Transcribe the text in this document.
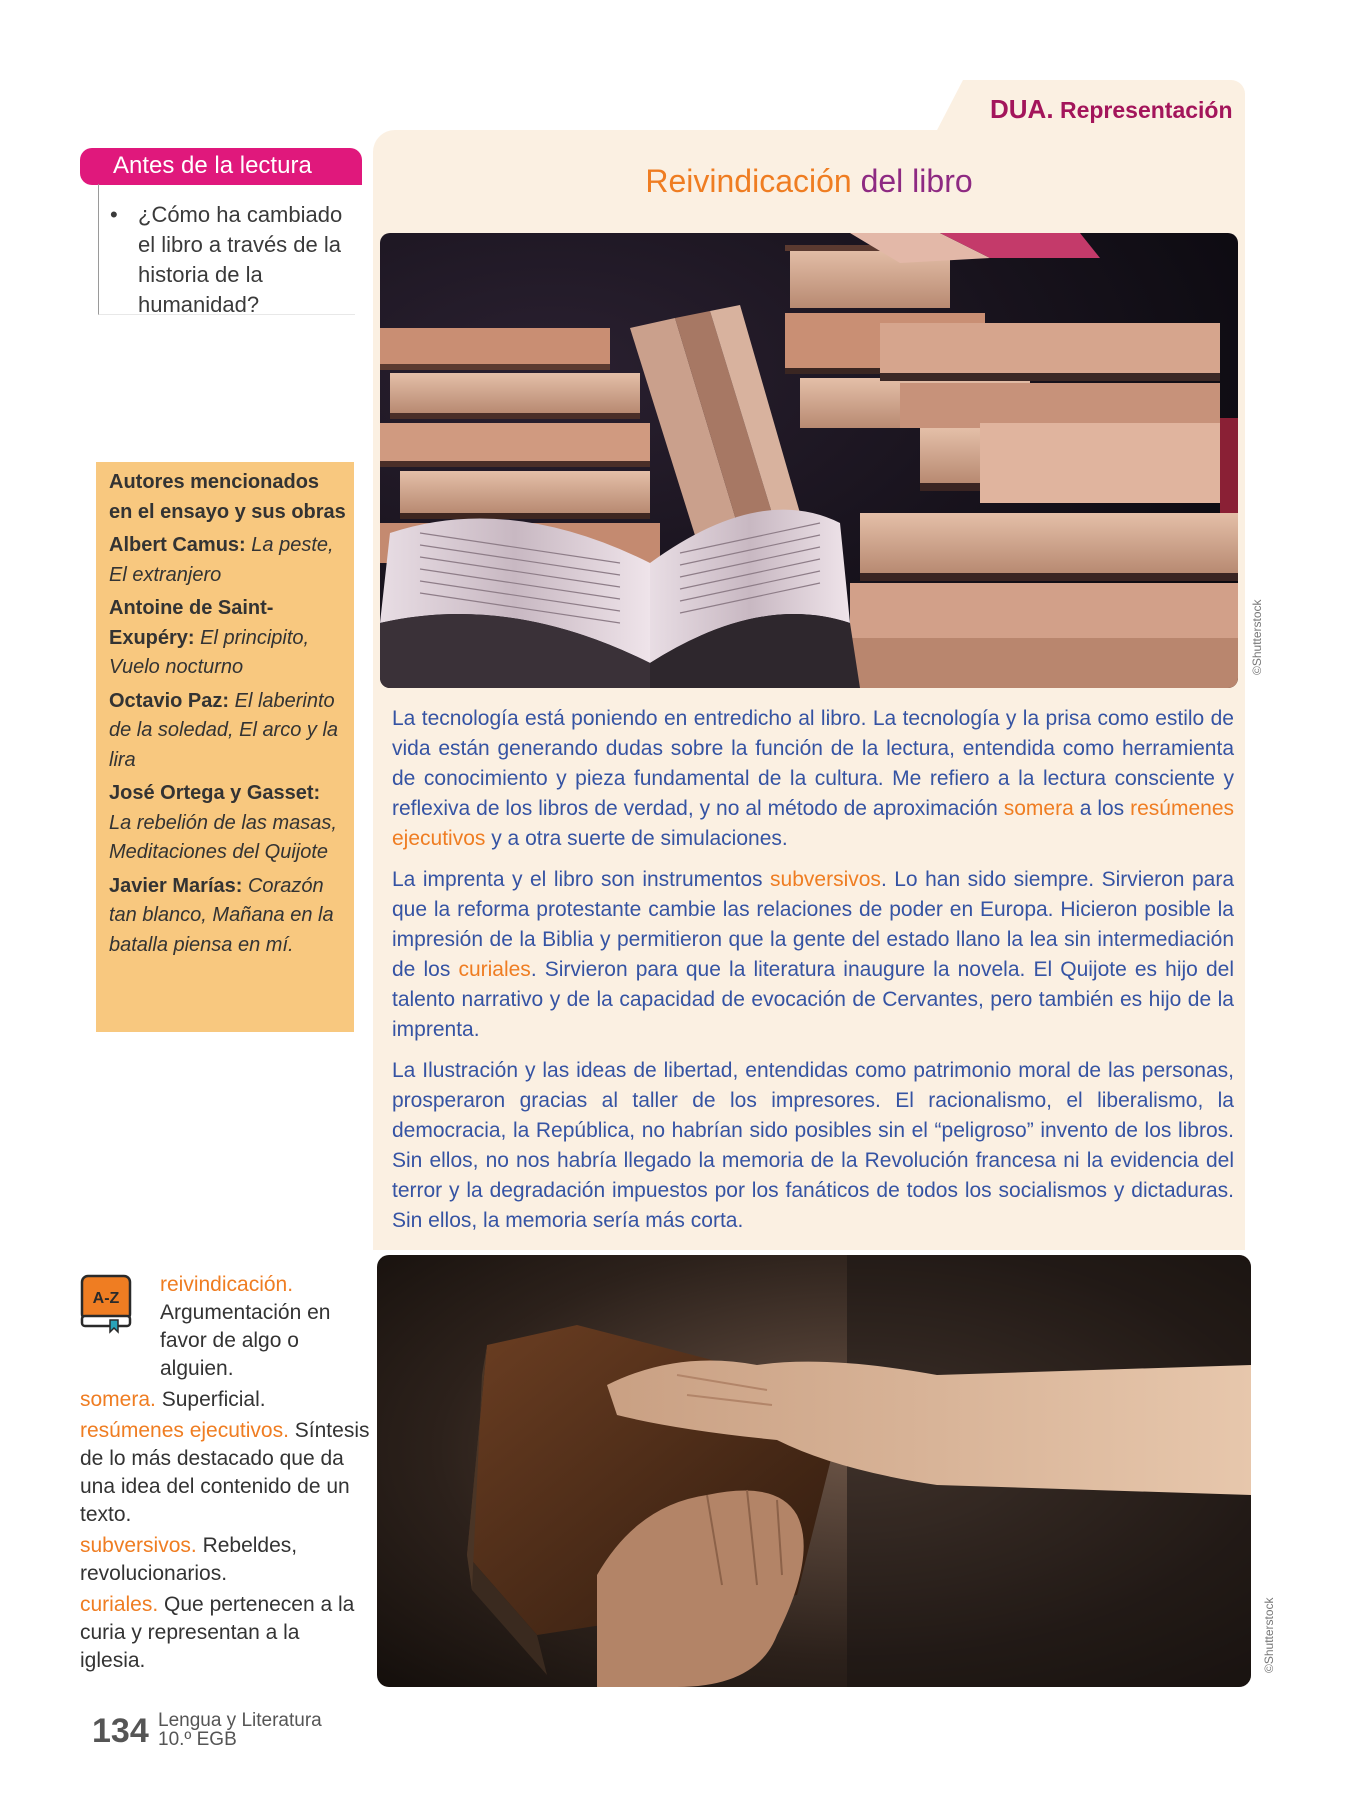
DUA. Representación
Antes de la lectura
• ¿Cómo ha cambiado el libro a través de la historia de la humanidad?
Autores mencionados en el ensayo y sus obras
Albert Camus: La peste, El extranjero
Antoine de Saint-Exupéry: El principito, Vuelo nocturno
Octavio Paz: El laberinto de la soledad, El arco y la lira
José Ortega y Gasset: La rebelión de las masas, Meditaciones del Quijote
Javier Marías: Corazón tan blanco, Mañana en la batalla piensa en mí.
Reivindicación del libro
©Shutterstock

La tecnología está poniendo en entredicho al libro. La tecnología y la prisa como estilo de vida están generando dudas sobre la función de la lectura, entendida como herramienta de conocimiento y pieza fundamental de la cultura. Me refiero a la lectura consciente y reflexiva de los libros de verdad, y no al método de aproximación somera a los resúmenes ejecutivos y a otra suerte de simulaciones.

La imprenta y el libro son instrumentos subversivos. Lo han sido siempre. Sirvieron para que la reforma protestante cambie las relaciones de poder en Europa. Hicieron posible la impresión de la Biblia y permitieron que la gente del estado llano la lea sin intermediación de los curiales. Sirvieron para que la literatura inaugure la novela. El Quijote es hijo del talento narrativo y de la capacidad de evocación de Cervantes, pero también es hijo de la imprenta.

La Ilustración y las ideas de libertad, entendidas como patrimonio moral de las personas, prosperaron gracias al taller de los impresores. El racionalismo, el liberalismo, la democracia, la República, no habrían sido posibles sin el “peligroso” invento de los libros. Sin ellos, no nos habría llegado la memoria de la Revolución francesa ni la evidencia del terror y la degradación impuestos por los fanáticos de todos los socialismos y dictaduras. Sin ellos, la memoria sería más corta.

©Shutterstock
A-Z
reivindicación. Argumentación en favor de algo o alguien.
somera. Superficial.
resúmenes ejecutivos. Síntesis de lo más destacado que da una idea del contenido de un texto.
subversivos. Rebeldes, revolucionarios.
curiales. Que pertenecen a la curia y representan a la iglesia.
134 Lengua y Literatura
10.º EGB
